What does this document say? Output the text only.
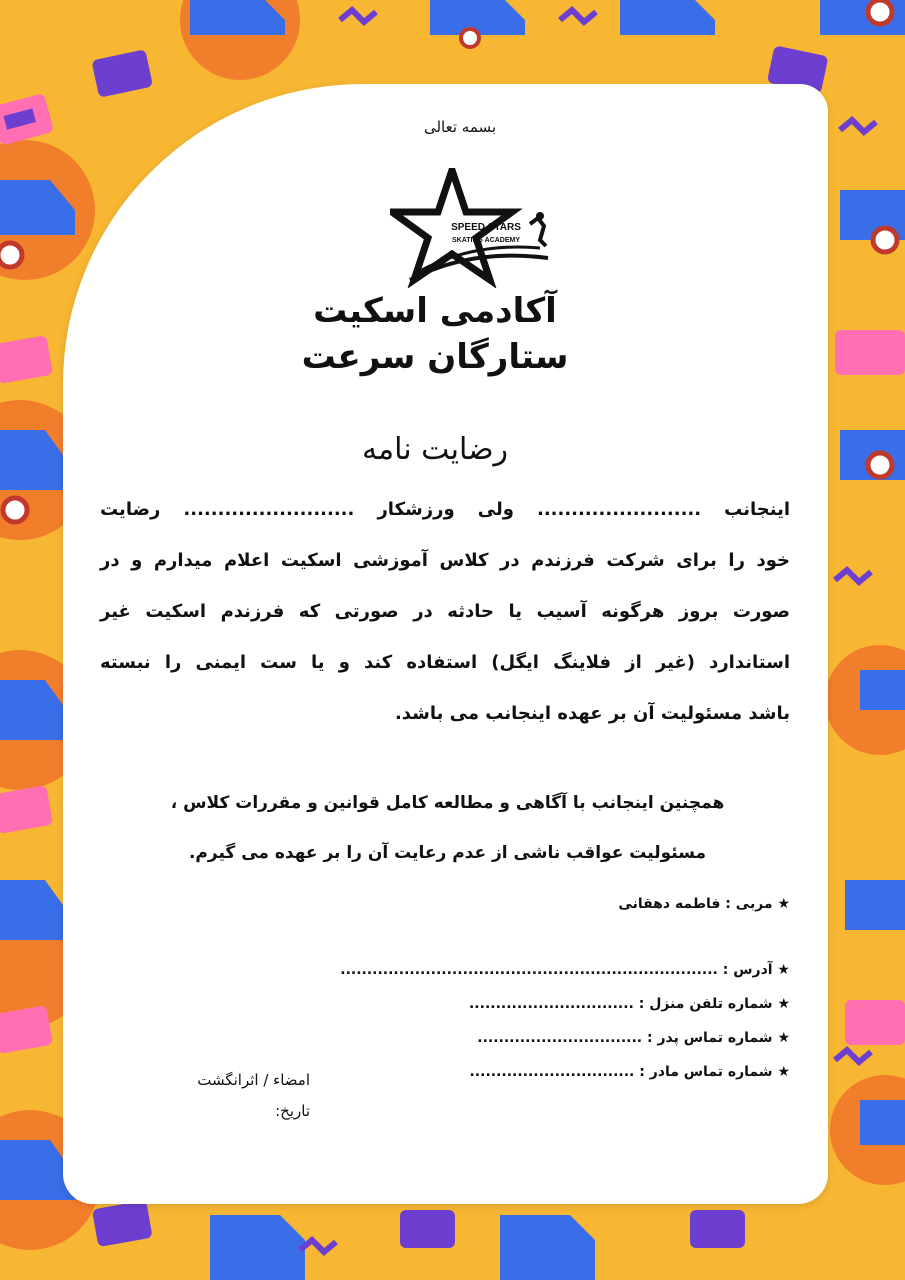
بسمه تعالی
SPEED STARS
SKATING ACADEMY
آکادمی اسکیت
ستارگان سرعت
رضایت نامه
اینجانب ........................ ولی ورزشکار ......................... رضایت
خود را برای شرکت فرزندم در کلاس آموزشی اسکیت اعلام میدارم و در
صورت بروز هرگونه آسیب یا حادثه در صورتی که فرزندم اسکیت غیر
استاندارد (غیر از فلاینگ ایگل) استفاده کند و یا ست ایمنی را نبسته
باشد مسئولیت آن بر عهده اینجانب می باشد.
همچنین اینجانب با آگاهی و مطالعه کامل قوانین و مقررات کلاس ،
مسئولیت عواقب ناشی از عدم رعایت آن را بر عهده می گیرم.
★ مربی : فاطمه دهقانی
★ آدرس : .......................................................................
★ شماره تلفن منزل : ...............................
★ شماره تماس پدر : ...............................
★ شماره تماس مادر : ...............................
امضاء / اثرانگشت
تاریخ:
